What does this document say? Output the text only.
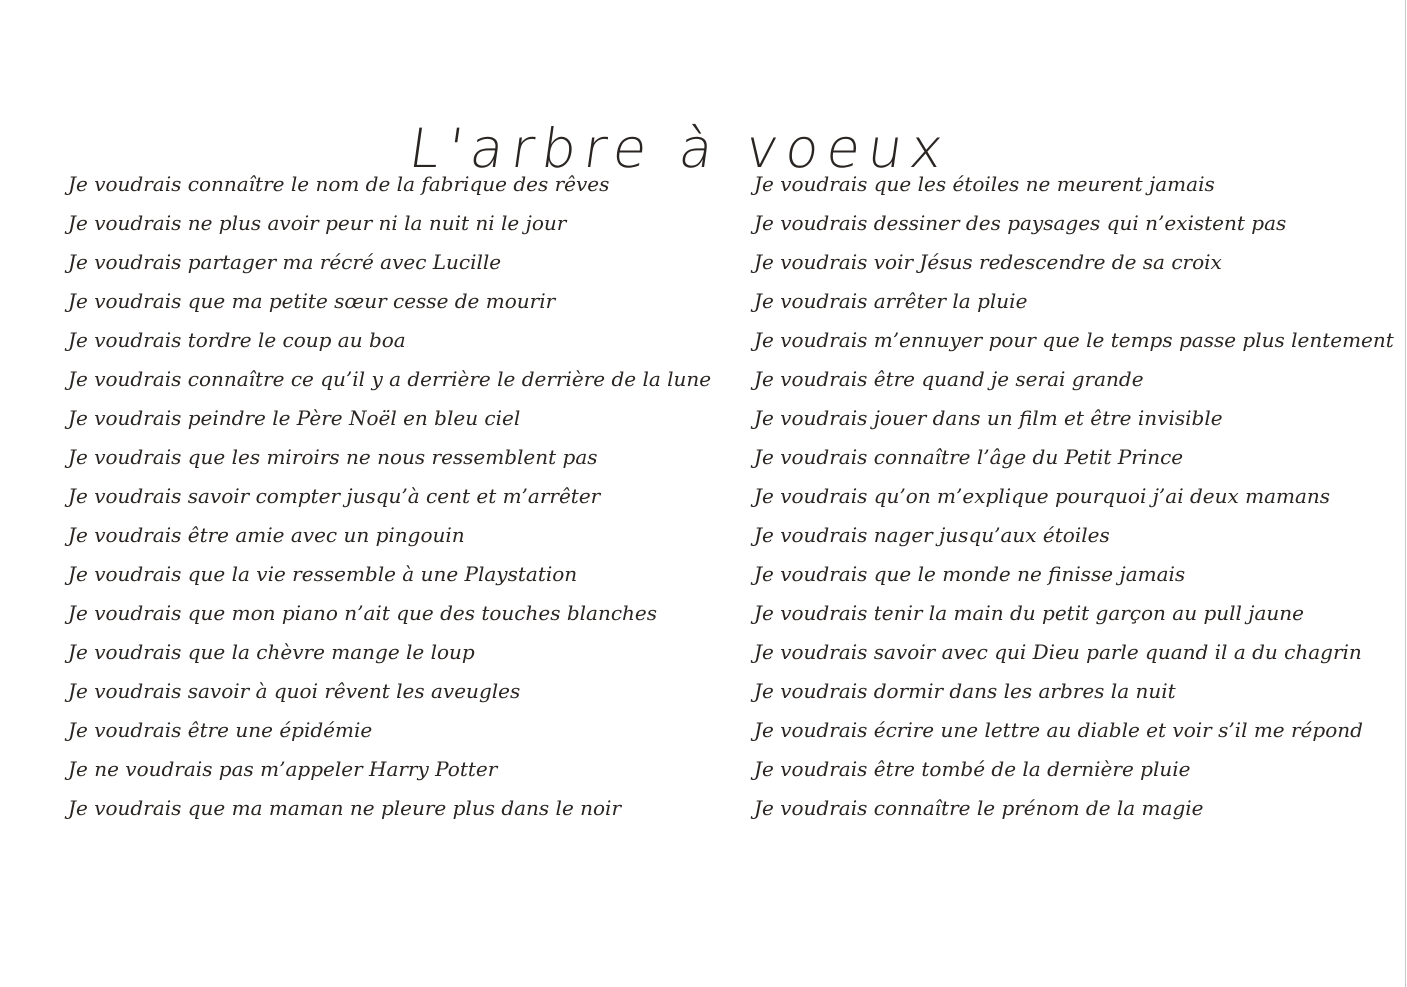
L'arbre à voeux
Je voudrais connaître le nom de la fabrique des rêves
Je voudrais ne plus avoir peur ni la nuit ni le jour
Je voudrais partager ma récré avec Lucille
Je voudrais que ma petite sœur cesse de mourir
Je voudrais tordre le coup au boa
Je voudrais connaître ce qu’il y a derrière le derrière de la lune
Je voudrais peindre le Père Noël en bleu ciel
Je voudrais que les miroirs ne nous ressemblent pas
Je voudrais savoir compter jusqu’à cent et m’arrêter
Je voudrais être amie avec un pingouin
Je voudrais que la vie ressemble à une Playstation
Je voudrais que mon piano n’ait que des touches blanches
Je voudrais que la chèvre mange le loup
Je voudrais savoir à quoi rêvent les aveugles
Je voudrais être une épidémie
Je ne voudrais pas m’appeler Harry Potter
Je voudrais que ma maman ne pleure plus dans le noir
Je voudrais que les étoiles ne meurent jamais
Je voudrais dessiner des paysages qui n’existent pas
Je voudrais voir Jésus redescendre de sa croix
Je voudrais arrêter la pluie
Je voudrais m’ennuyer pour que le temps passe plus lentement
Je voudrais être quand je serai grande
Je voudrais jouer dans un film et être invisible
Je voudrais connaître l’âge du Petit Prince
Je voudrais qu’on m’explique pourquoi j’ai deux mamans
Je voudrais nager jusqu’aux étoiles
Je voudrais que le monde ne finisse jamais
Je voudrais tenir la main du petit garçon au pull jaune
Je voudrais savoir avec qui Dieu parle quand il a du chagrin
Je voudrais dormir dans les arbres la nuit
Je voudrais écrire une lettre au diable et voir s’il me répond
Je voudrais être tombé de la dernière pluie
Je voudrais connaître le prénom de la magie
